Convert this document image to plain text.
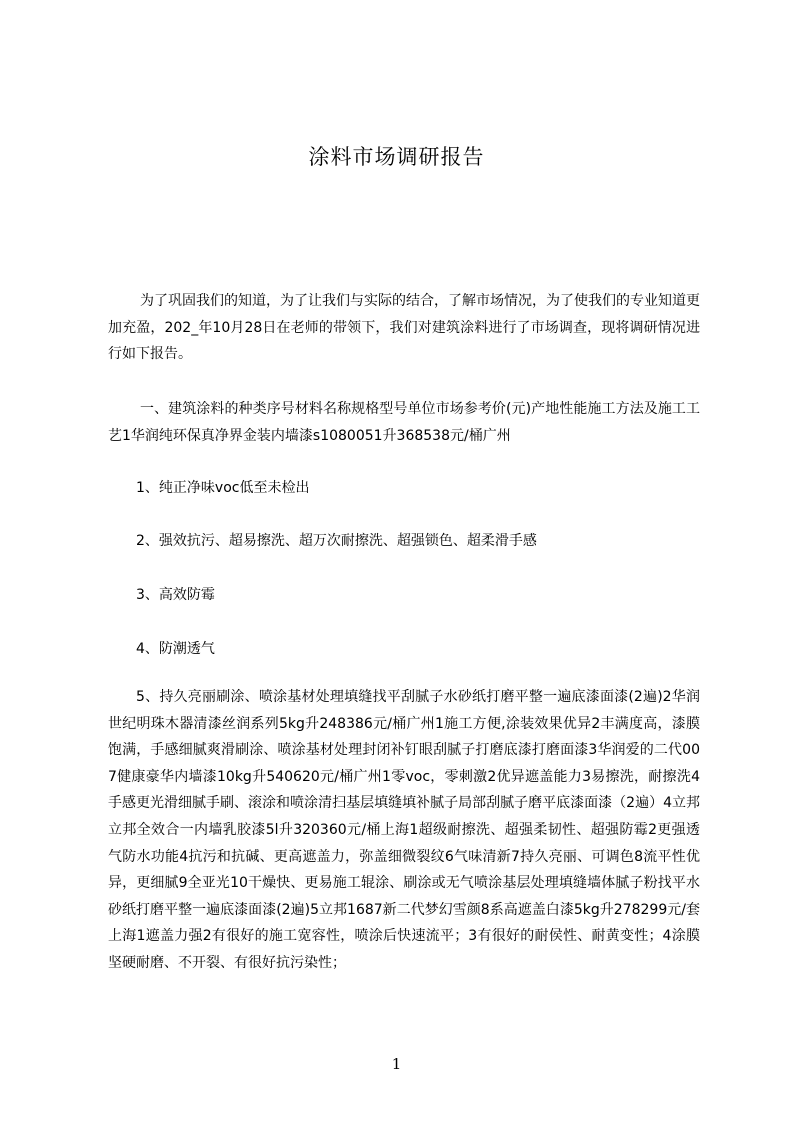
涂料市场调研报告
为了巩固我们的知道，为了让我们与实际的结合，了解市场情况，为了使我们的专业知道更加充盈，202_年10月28日在老师的带领下，我们对建筑涂料进行了市场调查，现将调研情况进行如下报告。
一、建筑涂料的种类序号材料名称规格型号单位市场参考价(元)产地性能施工方法及施工工艺1华润纯环保真净界金装内墙漆s1080051升368538元/桶广州
1、纯正净味voc低至未检出
2、强效抗污、超易擦洗、超万次耐擦洗、超强锁色、超柔滑手感
3、高效防霉
4、防潮透气
5、持久亮丽刷涂、喷涂基材处理填缝找平刮腻子水砂纸打磨平整一遍底漆面漆(2遍)2华润世纪明珠木器清漆丝润系列5kg升248386元/桶广州1施工方便,涂装效果优异2丰满度高，漆膜饱满，手感细腻爽滑刷涂、喷涂基材处理封闭补钉眼刮腻子打磨底漆打磨面漆3华润爱的二代007健康豪华内墙漆10kg升540620元/桶广州1零voc，零刺激2优异遮盖能力3易擦洗，耐擦洗4手感更光滑细腻手刷、滚涂和喷涂清扫基层填缝填补腻子局部刮腻子磨平底漆面漆（2遍）4立邦立邦全效合一内墙乳胶漆5l升320360元/桶上海1超级耐擦洗、超强柔韧性、超强防霉2更强透气防水功能4抗污和抗碱、更高遮盖力，弥盖细微裂纹6气味清新7持久亮丽、可调色8流平性优异，更细腻9全亚光10干燥快、更易施工辊涂、刷涂或无气喷涂基层处理填缝墙体腻子粉找平水砂纸打磨平整一遍底漆面漆(2遍)5立邦1687新二代梦幻雪颜8系高遮盖白漆5kg升278299元/套上海1遮盖力强2有很好的施工宽容性，喷涂后快速流平；3有很好的耐侯性、耐黄变性；4涂膜坚硬耐磨、不开裂、有很好抗污染性；
1
